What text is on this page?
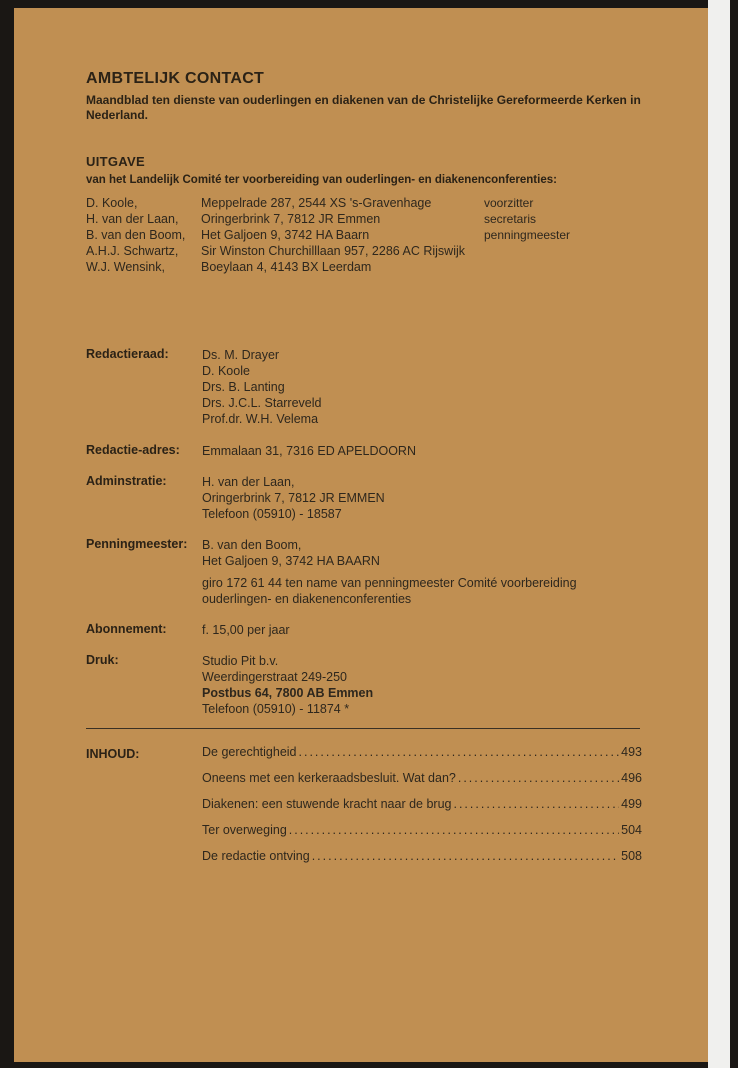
AMBTELIJK CONTACT
Maandblad ten dienste van ouderlingen en diakenen van de Christelijke Gereformeerde Kerken in Nederland.
UITGAVE
van het Landelijk Comité ter voorbereiding van ouderlingen- en diakenenconferenties:
D. Koole,	Meppelrade 287, 2544 XS 's-Gravenhage	voorzitter
H. van der Laan, Oringerbrink 7, 7812 JR Emmen	secretaris
B. van den Boom, Het Galjoen 9, 3742 HA Baarn	penningmeester
A.H.J. Schwartz, Sir Winston Churchilllaan 957, 2286 AC Rijswijk
W.J. Wensink,	Boeylaan 4, 4143 BX Leerdam
Redactieraad:	Ds. M. Drayer
D. Koole
Drs. B. Lanting
Drs. J.C.L. Starreveld
Prof.dr. W.H. Velema
Redactie-adres: Emmalaan 31, 7316 ED APELDOORN
Adminstratie:	H. van der Laan,
Oringerbrink 7, 7812 JR EMMEN
Telefoon (05910) - 18587
Penningmeester: B. van den Boom,
Het Galjoen 9, 3742 HA BAARN
giro 172 61 44 ten name van penningmeester Comité voorbereiding
ouderlingen- en diakenenconferenties
Abonnement:	f. 15,00 per jaar
Druk:	Studio Pit b.v.
Weerdingerstraat 249-250
Postbus 64, 7800 AB Emmen
Telefoon (05910) - 11874 *
INHOUD:	De gerechtigheid .....	493
Oneens met een kerkeraadsbesluit. Wat dan? .....	496
Diakenen: een stuwende kracht naar de brug .....	499
Ter overweging .....	504
De redactie ontving .....	508
